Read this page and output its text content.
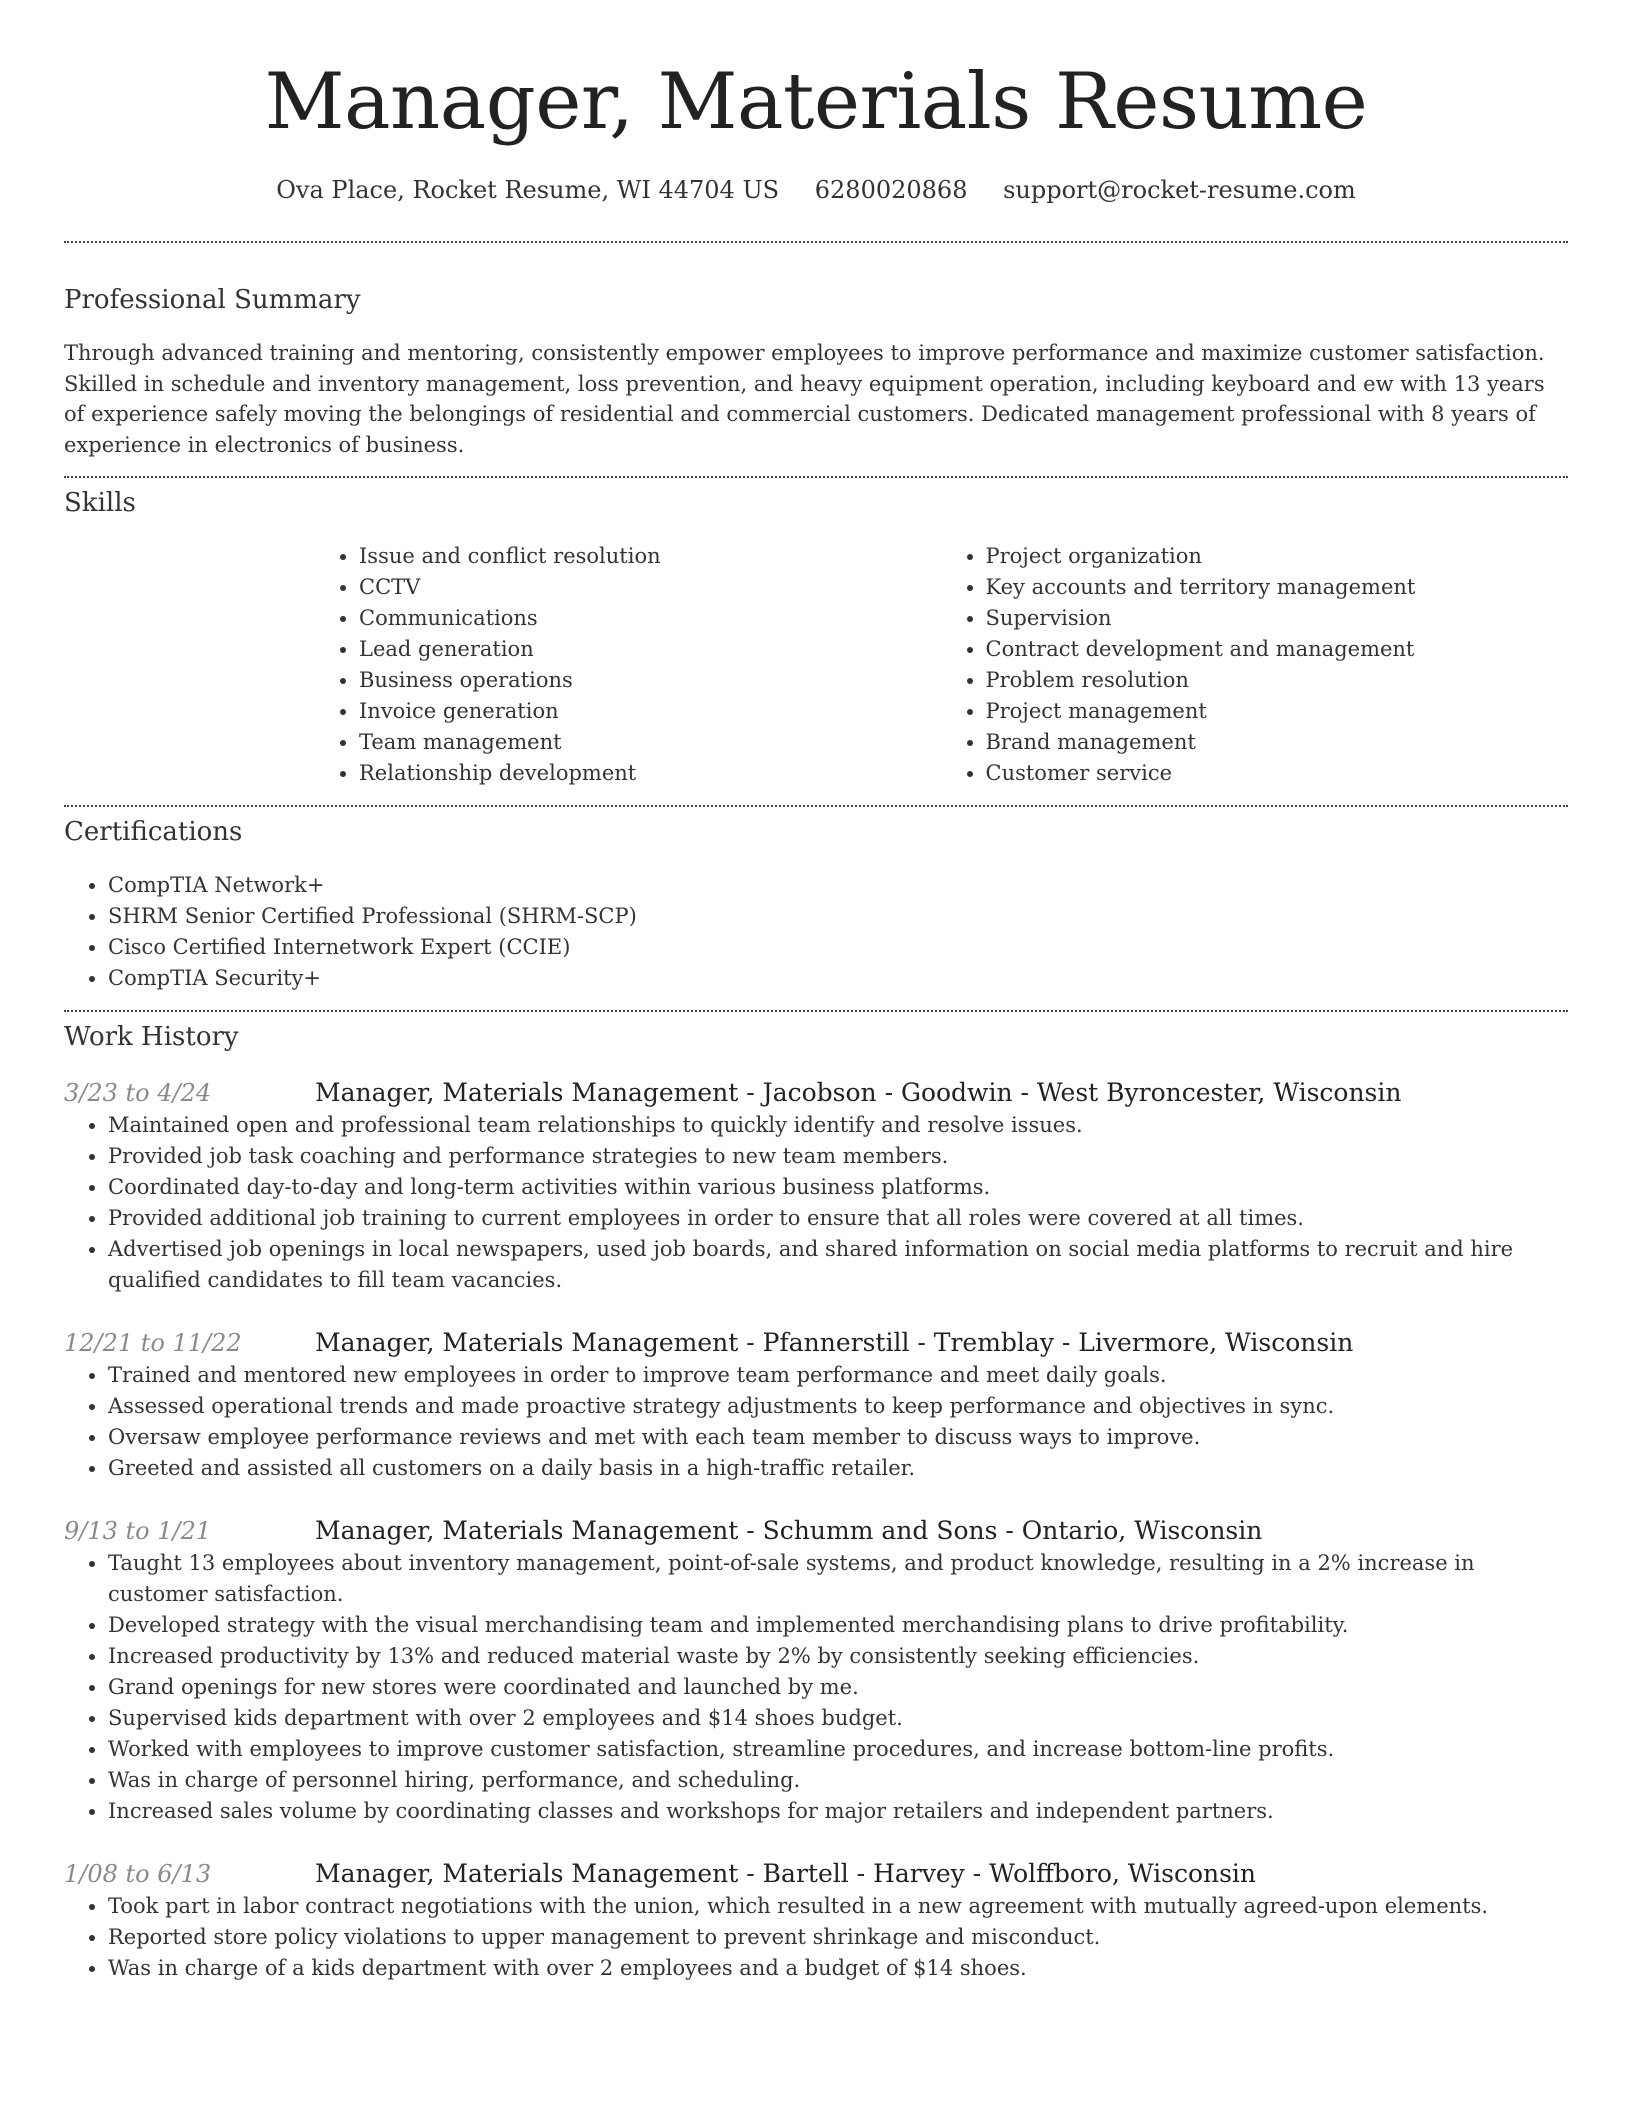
Manager, Materials Resume
Ova Place, Rocket Resume, WI 44704 US 6280020868 support@rocket-resume.com
Professional Summary

Through advanced training and mentoring, consistently empower employees to improve performance and maximize customer satisfaction. Skilled in schedule and inventory management, loss prevention, and heavy equipment operation, including keyboard and ew with 13 years of experience safely moving the belongings of residential and commercial customers. Dedicated management professional with 8 years of experience in electronics of business.

Skills
• Issue and conflict resolution
• CCTV
• Communications
• Lead generation
• Business operations
• Invoice generation
• Team management
• Relationship development
• Project organization
• Key accounts and territory management
• Supervision
• Contract development and management
• Problem resolution
• Project management
• Brand management
• Customer service
Certifications
• CompTIA Network+
• SHRM Senior Certified Professional (SHRM-SCP)
• Cisco Certified Internetwork Expert (CCIE)
• CompTIA Security+
Work History
3/23 to 4/24	Manager, Materials Management - Jacobson - Goodwin - West Byroncester, Wisconsin
• Maintained open and professional team relationships to quickly identify and resolve issues.
• Provided job task coaching and performance strategies to new team members.
• Coordinated day-to-day and long-term activities within various business platforms.
• Provided additional job training to current employees in order to ensure that all roles were covered at all times.
• Advertised job openings in local newspapers, used job boards, and shared information on social media platforms to recruit and hire qualified candidates to fill team vacancies.
12/21 to 11/22	Manager, Materials Management - Pfannerstill - Tremblay - Livermore, Wisconsin
• Trained and mentored new employees in order to improve team performance and meet daily goals.
• Assessed operational trends and made proactive strategy adjustments to keep performance and objectives in sync.
• Oversaw employee performance reviews and met with each team member to discuss ways to improve.
• Greeted and assisted all customers on a daily basis in a high-traffic retailer.
9/13 to 1/21	Manager, Materials Management - Schumm and Sons - Ontario, Wisconsin
• Taught 13 employees about inventory management, point-of-sale systems, and product knowledge, resulting in a 2% increase in customer satisfaction.
• Developed strategy with the visual merchandising team and implemented merchandising plans to drive profitability.
• Increased productivity by 13% and reduced material waste by 2% by consistently seeking efficiencies.
• Grand openings for new stores were coordinated and launched by me.
• Supervised kids department with over 2 employees and $14 shoes budget.
• Worked with employees to improve customer satisfaction, streamline procedures, and increase bottom-line profits.
• Was in charge of personnel hiring, performance, and scheduling.
• Increased sales volume by coordinating classes and workshops for major retailers and independent partners.
1/08 to 6/13	Manager, Materials Management - Bartell - Harvey - Wolffboro, Wisconsin
• Took part in labor contract negotiations with the union, which resulted in a new agreement with mutually agreed-upon elements.
• Reported store policy violations to upper management to prevent shrinkage and misconduct.
• Was in charge of a kids department with over 2 employees and a budget of $14 shoes.
